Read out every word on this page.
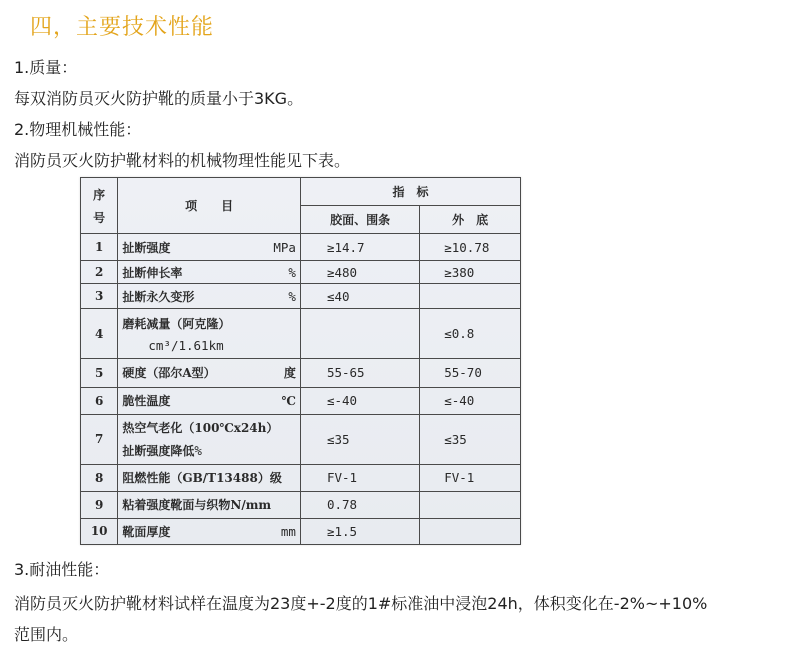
四，主要技术性能
1.质量：
每双消防员灭火防护靴的质量小于3KG。
2.物理机械性能：
消防员灭火防护靴材料的机械物理性能见下表。
序
号	项　　目	指　标	
		胶面、围条	外　底
1	扯断强度 MPa	≥14.7	≥10.78
2	扯断伸长率 %	≥480	≥380
3	扯断永久变形 %	≤40	
4	磨耗减量（阿克隆）
cm³/1.61km		≤0.8
5	硬度（邵尔A型） 度	55-65	55-70
6	脆性温度 ℃	≤-40	≤-40
7	热空气老化（100℃x24h）
扯断强度降低%	≤35	≤35
8	阻燃性能（GB/T13488）级	FV-1	FV-1
9	粘着强度靴面与织物N/mm	0.78	
10	靴面厚度 mm	≥1.5	
3.耐油性能：
消防员灭火防护靴材料试样在温度为23度+-2度的1#标准油中浸泡24h，体积变化在-2%~+10%
范围内。
